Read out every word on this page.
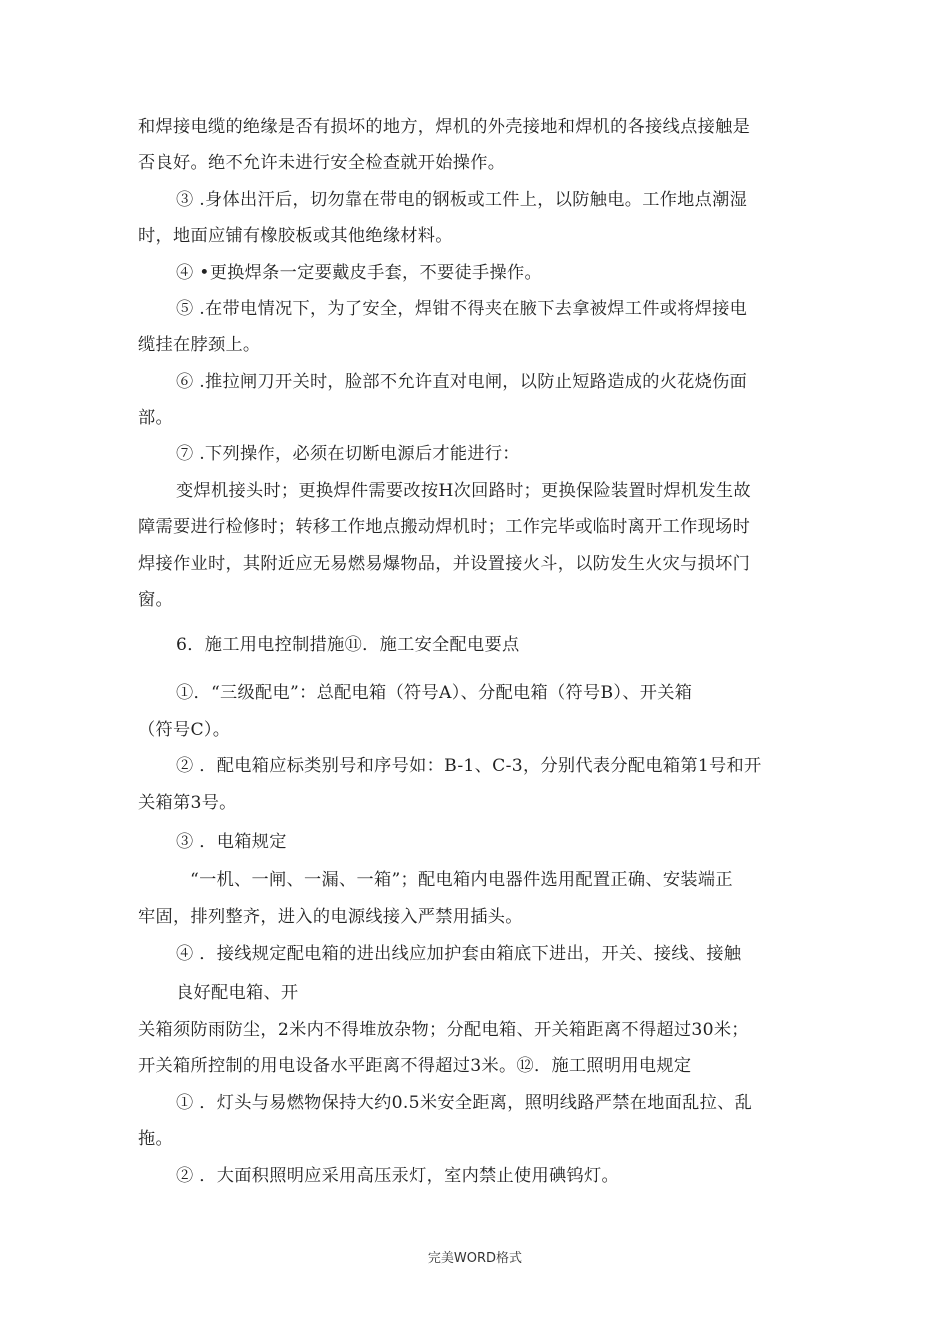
和焊接电缆的绝缘是否有损坏的地方，焊机的外壳接地和焊机的各接线点接触是
否良好。绝不允许未进行安全检查就开始操作。
③ .身体出汗后，切勿靠在带电的钢板或工件上，以防触电。工作地点潮湿
时，地面应铺有橡胶板或其他绝缘材料。
④ •更换焊条一定要戴皮手套，不要徒手操作。
⑤ .在带电情况下，为了安全，焊钳不得夹在腋下去拿被焊工件或将焊接电
缆挂在脖颈上。
⑥ .推拉闸刀开关时，脸部不允许直对电闸，以防止短路造成的火花烧伤面
部。
⑦ .下列操作，必须在切断电源后才能进行：
变焊机接头时；更换焊件需要改按H次回路时；更换保险装置时焊机发生故
障需要进行检修时；转移工作地点搬动焊机时；工作完毕或临时离开工作现场时
焊接作业时，其附近应无易燃易爆物品，并设置接火斗，以防发生火灾与损坏门
窗。
6．施工用电控制措施⑪．施工安全配电要点
①．“三级配电”：总配电箱（符号A）、分配电箱（符号B）、开关箱
（符号C）。
② ．配电箱应标类别号和序号如：B-1、C-3，分别代表分配电箱第1号和开
关箱第3号。
③ ．电箱规定
“一机、一闸、一漏、一箱”；配电箱内电器件选用配置正确、安装端正
牢固，排列整齐，进入的电源线接入严禁用插头。
④ ．接线规定配电箱的进出线应加护套由箱底下进出，开关、接线、接触
良好配电箱、开
关箱须防雨防尘，2米内不得堆放杂物；分配电箱、开关箱距离不得超过30米；
开关箱所控制的用电设备水平距离不得超过3米。⑫．施工照明用电规定
① ．灯头与易燃物保持大约0.5米安全距离，照明线路严禁在地面乱拉、乱
拖。
② ．大面积照明应采用高压汞灯，室内禁止使用碘钨灯。
完美WORD格式
